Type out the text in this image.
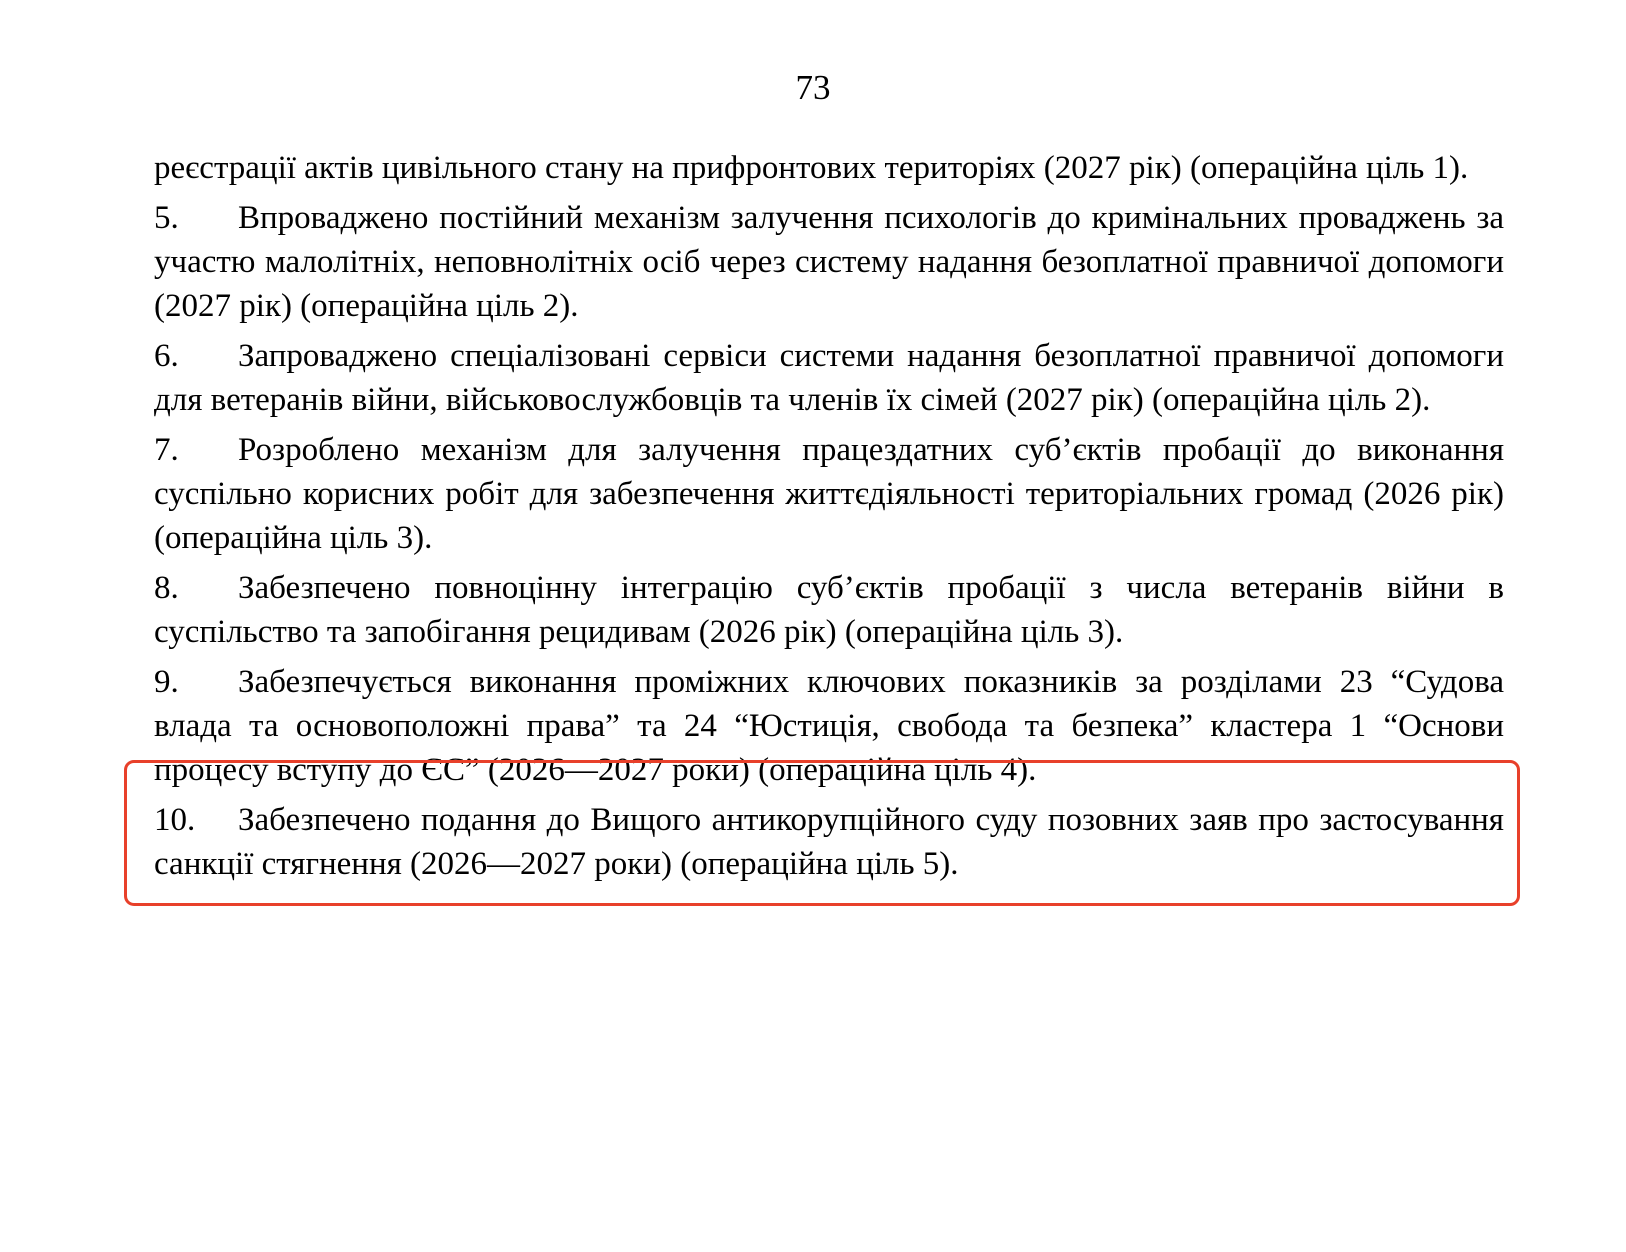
73

реєстрації актів цивільного стану на прифронтових територіях (2027 рік) (операційна ціль 1).

5. Впроваджено постійний механізм залучення психологів до кримінальних проваджень за участю малолітніх, неповнолітніх осіб через систему надання безоплатної правничої допомоги (2027 рік) (операційна ціль 2).

6. Запроваджено спеціалізовані сервіси системи надання безоплатної правничої допомоги для ветеранів війни, військовослужбовців та членів їх сімей (2027 рік) (операційна ціль 2).

7. Розроблено механізм для залучення працездатних суб’єктів пробації до виконання суспільно корисних робіт для забезпечення життєдіяльності територіальних громад (2026 рік) (операційна ціль 3).

8. Забезпечено повноцінну інтеграцію суб’єктів пробації з числа ветеранів війни в суспільство та запобігання рецидивам (2026 рік) (операційна ціль 3).

9. Забезпечується виконання проміжних ключових показників за розділами 23 “Судова влада та основоположні права” та 24 “Юстиція, свобода та безпека” кластера 1 “Основи процесу вступу до ЄС” (2026—2027 роки) (операційна ціль 4).

10. Забезпечено подання до Вищого антикорупційного суду позовних заяв про застосування санкції стягнення (2026—2027 роки) (операційна ціль 5).
